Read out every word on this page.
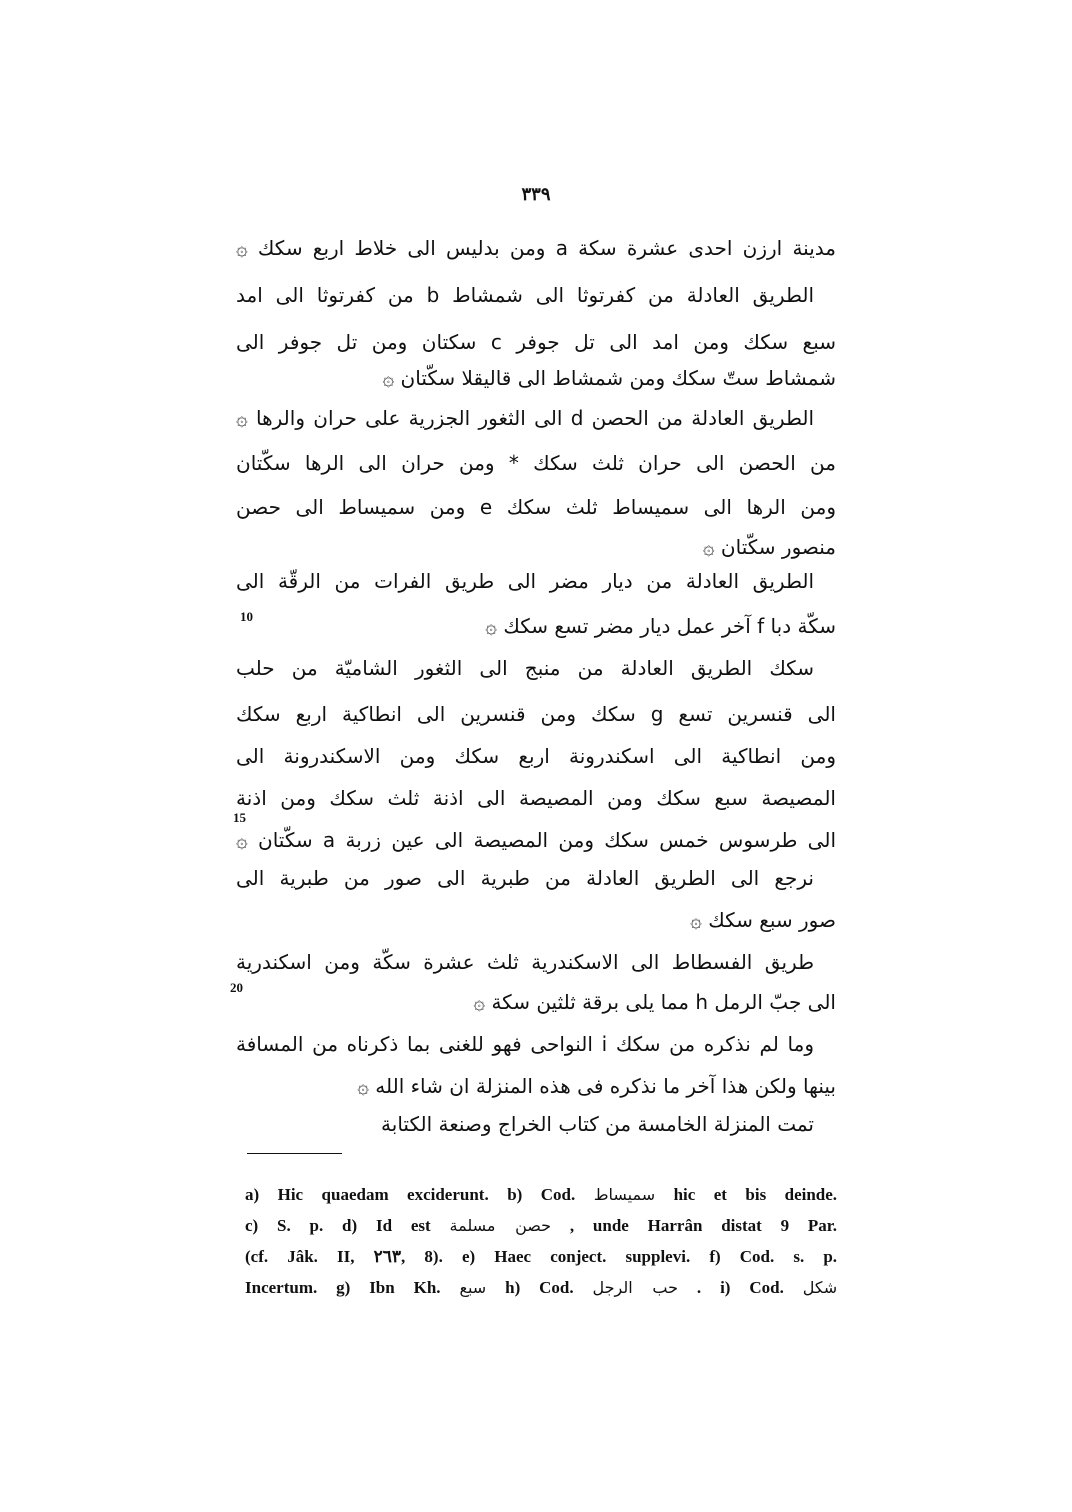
٣٣٩
مدينة ارزن احدى عشرة سكة a ومن بدليس الى خلاط اربع سكك ۞
الطريق العادلة من كفرتوثا الى شمشاط b من كفرتوثا الى امد
سبع سكك ومن امد الى تل جوفر c سكتان ومن تل جوفر الى
شمشاط ستّ سكك ومن شمشاط الى قاليقلا سكّتان ۞
الطريق العادلة من الحصن d الى الثغور الجزرية على حران والرها ۞
من الحصن الى حران ثلث سكك * ومن حران الى الرها سكّتان
ومن الرها الى سميساط ثلث سكك e ومن سميساط الى حصن
منصور سكّتان ۞
الطريق العادلة من ديار مضر الى طريق الفرات من الرقّة الى
سكّة دبا f آخر عمل ديار مضر تسع سكك ۞
سكك الطريق العادلة من منبج الى الثغور الشاميّة من حلب
الى قنسرين تسع g سكك ومن قنسرين الى انطاكية اربع سكك
ومن انطاكية الى اسكندرونة اربع سكك ومن الاسكندرونة الى
المصيصة سبع سكك ومن المصيصة الى اذنة ثلث سكك ومن اذنة
الى طرسوس خمس سكك ومن المصيصة الى عين زربة a سكّتان ۞
نرجع الى الطريق العادلة من طبرية الى صور من طبرية الى
صور سبع سكك ۞
طريق الفسطاط الى الاسكندرية ثلث عشرة سكّة ومن اسكندرية
الى جبّ الرمل h مما يلى برقة ثلثين سكة ۞
وما لم نذكره من سكك i النواحى فهو للغنى بما ذكرناه من المسافة
بينها ولكن هذا آخر ما نذكره فى هذه المنزلة ان شاء الله ۞
تمت المنزلة الخامسة من كتاب الخراج وصنعة الكتابة
10
15
20
a) Hic quaedam exciderunt. b) Cod. سميساط hic et bis deinde.
c) S. p. d) Id est حصن مسلمة , unde Harrân distat 9 Par.
(cf. Jâk. II, ٢٦٣, 8). e) Haec conject. supplevi. f) Cod. s. p.
Incertum. g) Ibn Kh. سبع h) Cod. حب الرجل . i) Cod. شكل
